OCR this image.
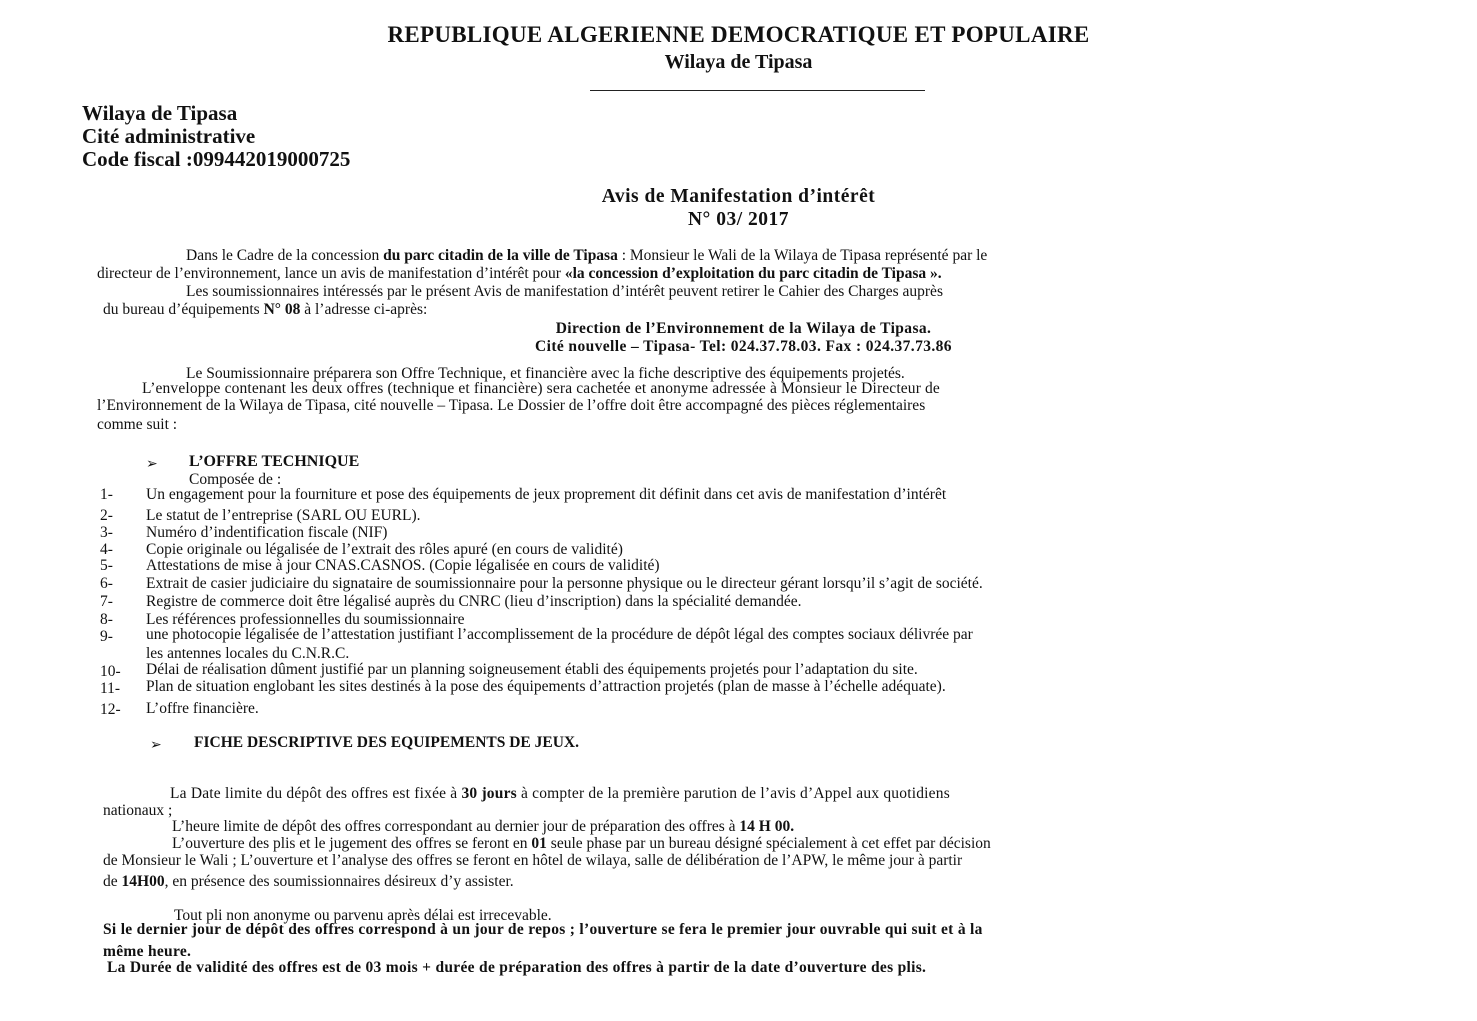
REPUBLIQUE ALGERIENNE DEMOCRATIQUE ET POPULAIRE
Wilaya de Tipasa
Wilaya de Tipasa
Cité administrative
Code fiscal :099442019000725
Avis de Manifestation d’intérêt
N° 03/ 2017
Dans le Cadre de la concession du parc citadin de la ville de Tipasa : Monsieur le Wali de la Wilaya de Tipasa représenté par le
directeur de l’environnement, lance un avis de manifestation d’intérêt pour «la concession d’exploitation du parc citadin de Tipasa ».
Les soumissionnaires intéressés par le présent Avis de manifestation d’intérêt peuvent retirer le Cahier des Charges auprès
du bureau d’équipements N° 08 à l’adresse ci-après:
Direction de l’Environnement de la Wilaya de Tipasa.
Cité nouvelle – Tipasa- Tel: 024.37.78.03. Fax : 024.37.73.86
Le Soumissionnaire préparera son Offre Technique, et financière avec la fiche descriptive des équipements projetés.
L’enveloppe contenant les deux offres (technique et financière) sera cachetée et anonyme adressée à Monsieur le Directeur de
l’Environnement de la Wilaya de Tipasa, cité nouvelle – Tipasa. Le Dossier de l’offre doit être accompagné des pièces réglementaires
comme suit :
➢ L’OFFRE TECHNIQUE
Composée de :
1- Un engagement pour la fourniture et pose des équipements de jeux proprement dit définit dans cet avis de manifestation d’intérêt
2- Le statut de l’entreprise (SARL OU EURL).
3- Numéro d’indentification fiscale (NIF)
4- Copie originale ou légalisée de l’extrait des rôles apuré (en cours de validité)
5- Attestations de mise à jour CNAS.CASNOS. (Copie légalisée en cours de validité)
6- Extrait de casier judiciaire du signataire de soumissionnaire pour la personne physique ou le directeur gérant lorsqu’il s’agit de société.
7- Registre de commerce doit être légalisé auprès du CNRC (lieu d’inscription) dans la spécialité demandée.
8- Les références professionnelles du soumissionnaire
9- une photocopie légalisée de l’attestation justifiant l’accomplissement de la procédure de dépôt légal des comptes sociaux délivrée par
les antennes locales du C.N.R.C.
10- Délai de réalisation dûment justifié par un planning soigneusement établi des équipements projetés pour l’adaptation du site.
11- Plan de situation englobant les sites destinés à la pose des équipements d’attraction projetés (plan de masse à l’échelle adéquate).
12- L’offre financière.
➢ FICHE DESCRIPTIVE DES EQUIPEMENTS DE JEUX.
La Date limite du dépôt des offres est fixée à 30 jours à compter de la première parution de l’avis d’Appel aux quotidiens
nationaux ;
L’heure limite de dépôt des offres correspondant au dernier jour de préparation des offres à 14 H 00.
L’ouverture des plis et le jugement des offres se feront en 01 seule phase par un bureau désigné spécialement à cet effet par décision
de Monsieur le Wali ; L’ouverture et l’analyse des offres se feront en hôtel de wilaya, salle de délibération de l’APW, le même jour à partir
de 14H00, en présence des soumissionnaires désireux d’y assister.
Tout pli non anonyme ou parvenu après délai est irrecevable.
Si le dernier jour de dépôt des offres correspond à un jour de repos ; l’ouverture se fera le premier jour ouvrable qui suit et à la
même heure.
La Durée de validité des offres est de 03 mois + durée de préparation des offres à partir de la date d’ouverture des plis.
